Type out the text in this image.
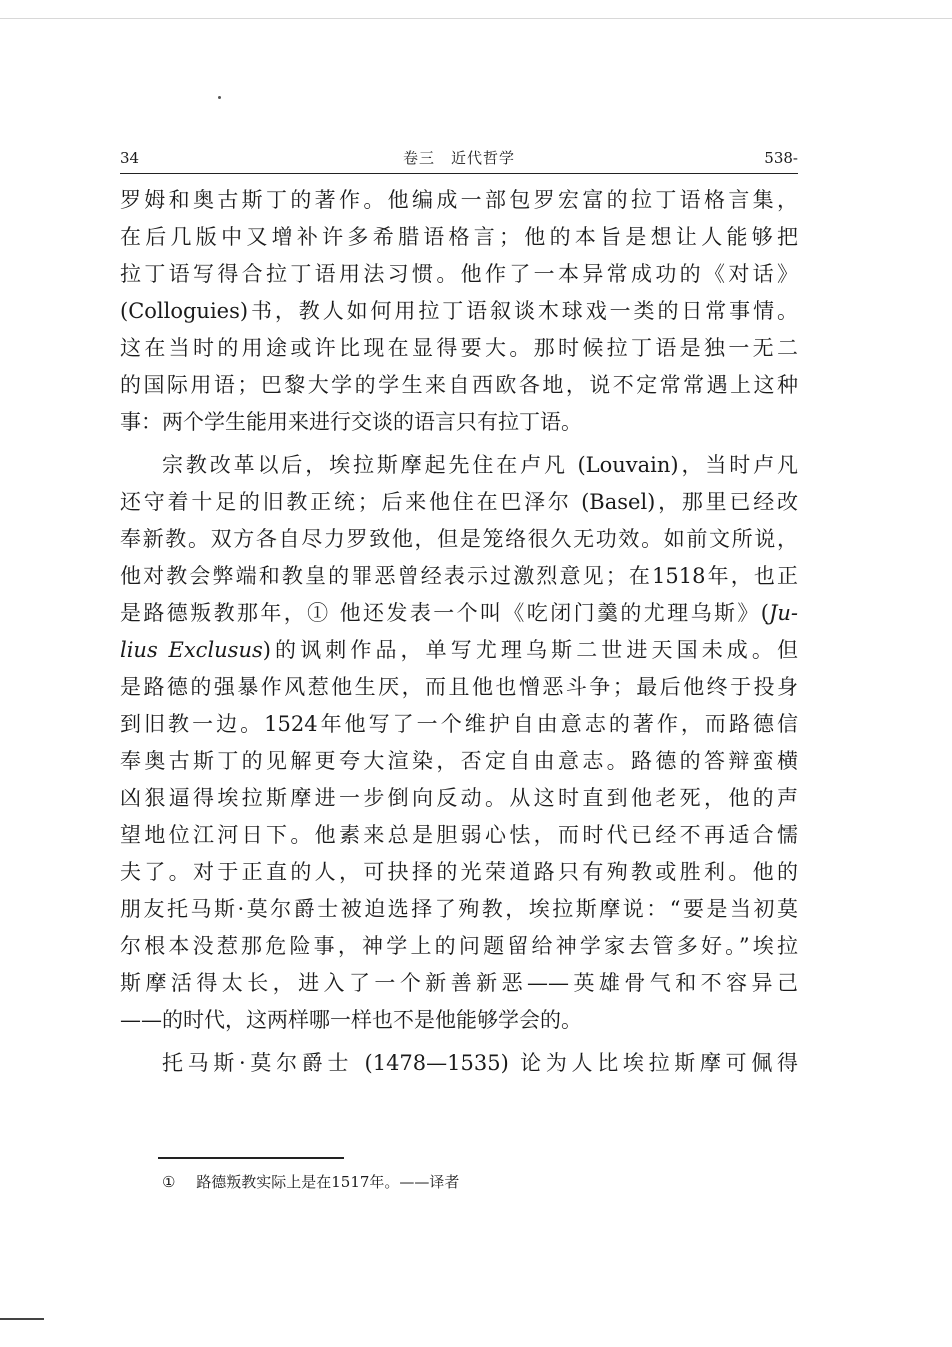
34	卷三　近代哲学	538-
罗姆和奥古斯丁的著作。他编成一部包罗宏富的拉丁语格言集，
在后几版中又增补许多希腊语格言；他的本旨是想让人能够把
拉丁语写得合拉丁语用法习惯。他作了一本异常成功的《对话》
(Colloguies)书，教人如何用拉丁语叙谈木球戏一类的日常事情。
这在当时的用途或许比现在显得要大。那时候拉丁语是独一无二
的国际用语；巴黎大学的学生来自西欧各地，说不定常常遇上这种
事：两个学生能用来进行交谈的语言只有拉丁语。
宗教改革以后，埃拉斯摩起先住在卢凡 (Louvain)，当时卢凡
还守着十足的旧教正统；后来他住在巴泽尔 (Basel)，那里已经改
奉新教。双方各自尽力罗致他，但是笼络很久无功效。如前文所说，
他对教会弊端和教皇的罪恶曾经表示过激烈意见；在1518年，也正
是路德叛教那年，① 他还发表一个叫《吃闭门羹的尤理乌斯》(Ju-
lius Exclusus)的讽刺作品，单写尤理乌斯二世进天国未成。但
是路德的强暴作风惹他生厌，而且他也憎恶斗争；最后他终于投身
到旧教一边。1524年他写了一个维护自由意志的著作，而路德信
奉奥古斯丁的见解更夸大渲染，否定自由意志。路德的答辩蛮横
凶狠逼得埃拉斯摩进一步倒向反动。从这时直到他老死，他的声
望地位江河日下。他素来总是胆弱心怯，而时代已经不再适合懦
夫了。对于正直的人，可抉择的光荣道路只有殉教或胜利。他的
朋友托马斯·莫尔爵士被迫选择了殉教，埃拉斯摩说：“要是当初莫
尔根本没惹那危险事，神学上的问题留给神学家去管多好。”埃拉
斯摩活得太长，进入了一个新善新恶——英雄骨气和不容异己
——的时代，这两样哪一样也不是他能够学会的。
托马斯·莫尔爵士 (1478—1535) 论为人比埃拉斯摩可佩得
① 路德叛教实际上是在1517年。——译者
